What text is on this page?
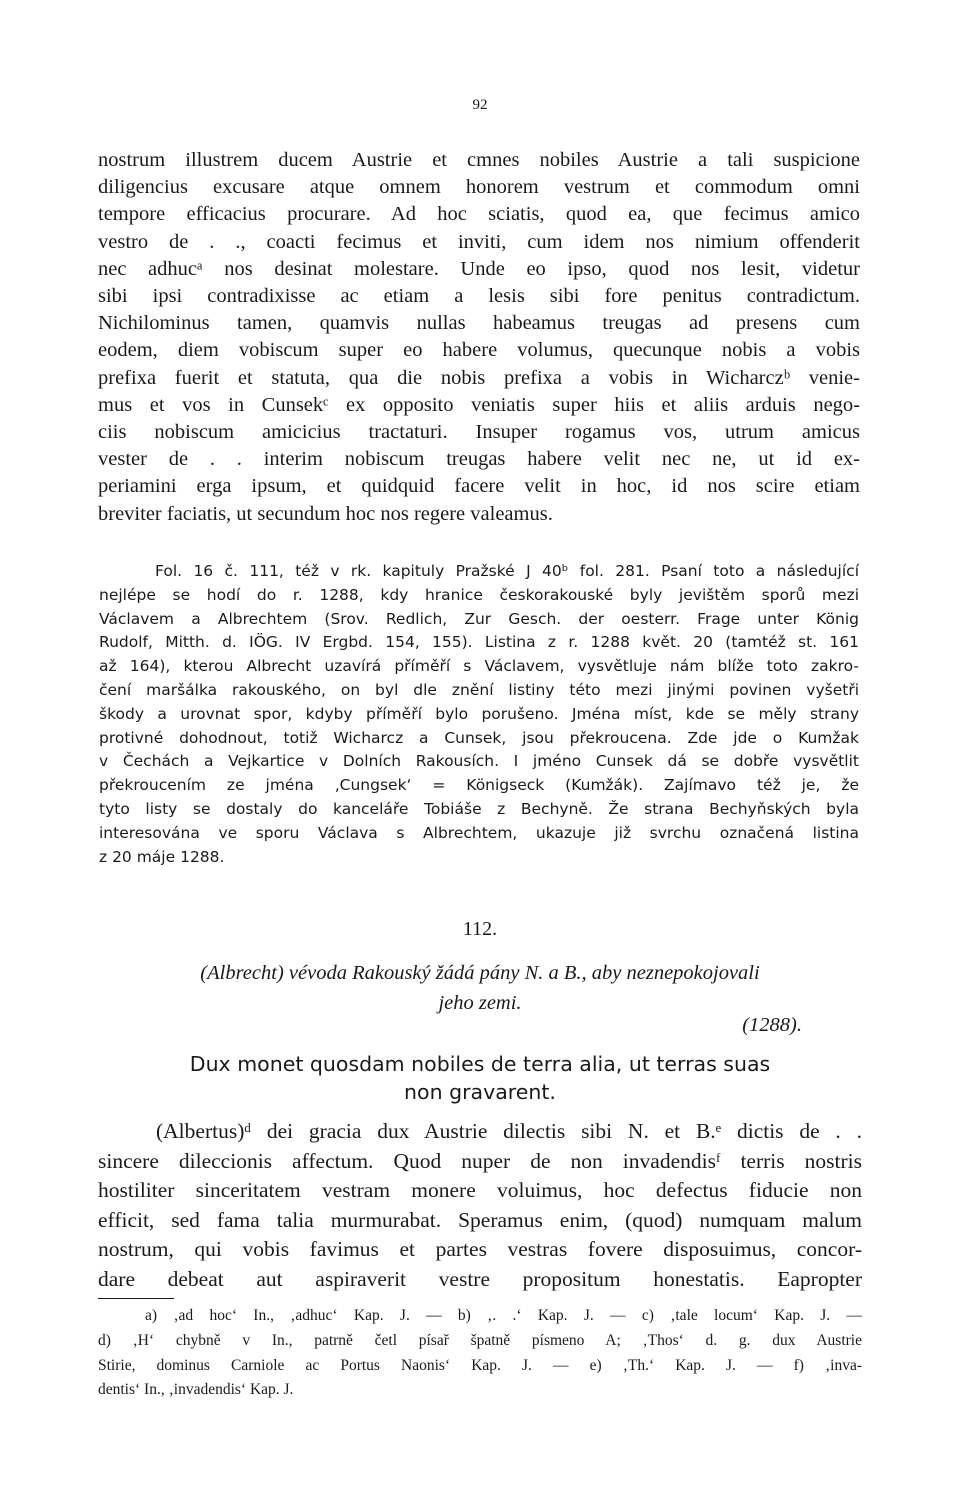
92
nostrum illustrem ducem Austrie et cmnes nobiles Austrie a tali suspicione
diligencius excusare atque omnem honorem vestrum et commodum omni
tempore efficacius procurare. Ad hoc sciatis, quod ea, que fecimus amico
vestro de . ., coacti fecimus et inviti, cum idem nos nimium offenderit
nec adhucᵃ nos desinat molestare. Unde eo ipso, quod nos lesit, videtur
sibi ipsi contradixisse ac etiam a lesis sibi fore penitus contradictum.
Nichilominus tamen, quamvis nullas habeamus treugas ad presens cum
eodem, diem vobiscum super eo habere volumus, quecunque nobis a vobis
prefixa fuerit et statuta, qua die nobis prefixa a vobis in Wicharczᵇ venie-
mus et vos in Cunsekᶜ ex opposito veniatis super hiis et aliis arduis nego-
ciis nobiscum amicicius tractaturi. Insuper rogamus vos, utrum amicus
vester de . . interim nobiscum treugas habere velit nec ne, ut id ex-
periamini erga ipsum, et quidquid facere velit in hoc, id nos scire etiam
breviter faciatis, ut secundum hoc nos regere valeamus.
Fol. 16 č. 111, též v rk. kapituly Pražské J 40ᵇ fol. 281. Psaní toto a následující
nejlépe se hodí do r. 1288, kdy hranice českorakouské byly jevištěm sporů mezi
Václavem a Albrechtem (Srov. Redlich, Zur Gesch. der oesterr. Frage unter König
Rudolf, Mitth. d. IÖG. IV Ergbd. 154, 155). Listina z r. 1288 květ. 20 (tamtéž st. 161
až 164), kterou Albrecht uzavírá příměří s Václavem, vysvětluje nám blíže toto zakro-
čení maršálka rakouského, on byl dle znění listiny této mezi jinými povinen vyšetři
škody a urovnat spor, kdyby příměří bylo porušeno. Jména míst, kde se měly strany
protivné dohodnout, totiž Wicharcz a Cunsek, jsou překroucena. Zde jde o Kumžak
v Čechách a Vejkartice v Dolních Rakousích. I jméno Cunsek dá se dobře vysvětlit
překroucením ze jména ‚Cungsek‘ = Königseck (Kumžák). Zajímavo též je, že
tyto listy se dostaly do kanceláře Tobiáše z Bechyně. Že strana Bechyňských byla
interesována ve sporu Václava s Albrechtem, ukazuje již svrchu označená listina
z 20 máje 1288.
112.
(Albrecht) vévoda Rakouský žádá pány N. a B., aby neznepokojovali
jeho zemi.
(1288).
Dux monet quosdam nobiles de terra alia, ut terras suas
non gravarent.
(Albertus)ᵈ dei gracia dux Austrie dilectis sibi N. et B.ᵉ dictis de . .
sincere dileccionis affectum. Quod nuper de non invadendisᶠ terris nostris
hostiliter sinceritatem vestram monere voluimus, hoc defectus fiducie non
efficit, sed fama talia murmurabat. Speramus enim, (quod) numquam malum
nostrum, qui vobis favimus et partes vestras fovere disposuimus, concor-
dare debeat aut aspiraverit vestre propositum honestatis. Eapropter
a) ‚ad hoc‘ In., ‚adhuc‘ Kap. J. — b) ‚. .‘ Kap. J. — c) ‚tale locum‘ Kap. J. —
d) ‚H‘ chybně v In., patrně četl písař špatně písmeno A; ‚Thos‘ d. g. dux Austrie
Stirie, dominus Carniole ac Portus Naonis‘ Kap. J. — e) ‚Th.‘ Kap. J. — f) ‚inva-
dentis‘ In., ‚invadendis‘ Kap. J.
